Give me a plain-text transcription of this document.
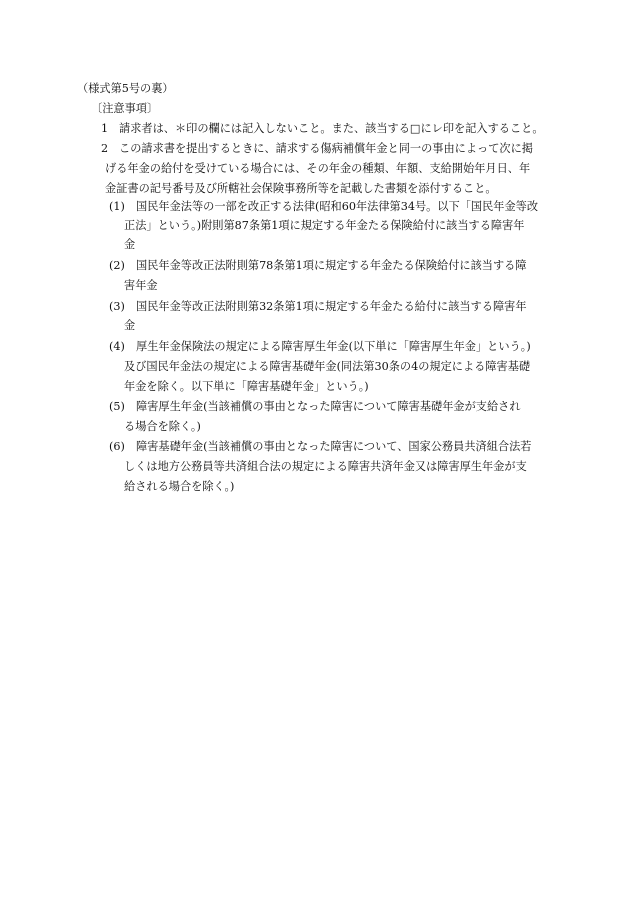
（様式第5号の裏）
〔注意事項〕
1 請求者は、＊印の欄には記入しないこと。また、該当する□にレ印を記入すること。
2 この請求書を提出するときに、請求する傷病補償年金と同一の事由によって次に掲
げる年金の給付を受けている場合には、その年金の種類、年額、支給開始年月日、年
金証書の記号番号及び所轄社会保険事務所等を記載した書類を添付すること。
(1) 国民年金法等の一部を改正する法律(昭和60年法律第34号。以下「国民年金等改
正法」という。)附則第87条第1項に規定する年金たる保険給付に該当する障害年
金
(2) 国民年金等改正法附則第78条第1項に規定する年金たる保険給付に該当する障
害年金
(3) 国民年金等改正法附則第32条第1項に規定する年金たる給付に該当する障害年
金
(4) 厚生年金保険法の規定による障害厚生年金(以下単に「障害厚生年金」という。)
及び国民年金法の規定による障害基礎年金(同法第30条の4の規定による障害基礎
年金を除く。以下単に「障害基礎年金」という。)
(5) 障害厚生年金(当該補償の事由となった障害について障害基礎年金が支給され
る場合を除く。)
(6) 障害基礎年金(当該補償の事由となった障害について、国家公務員共済組合法若
しくは地方公務員等共済組合法の規定による障害共済年金又は障害厚生年金が支
給される場合を除く。)
